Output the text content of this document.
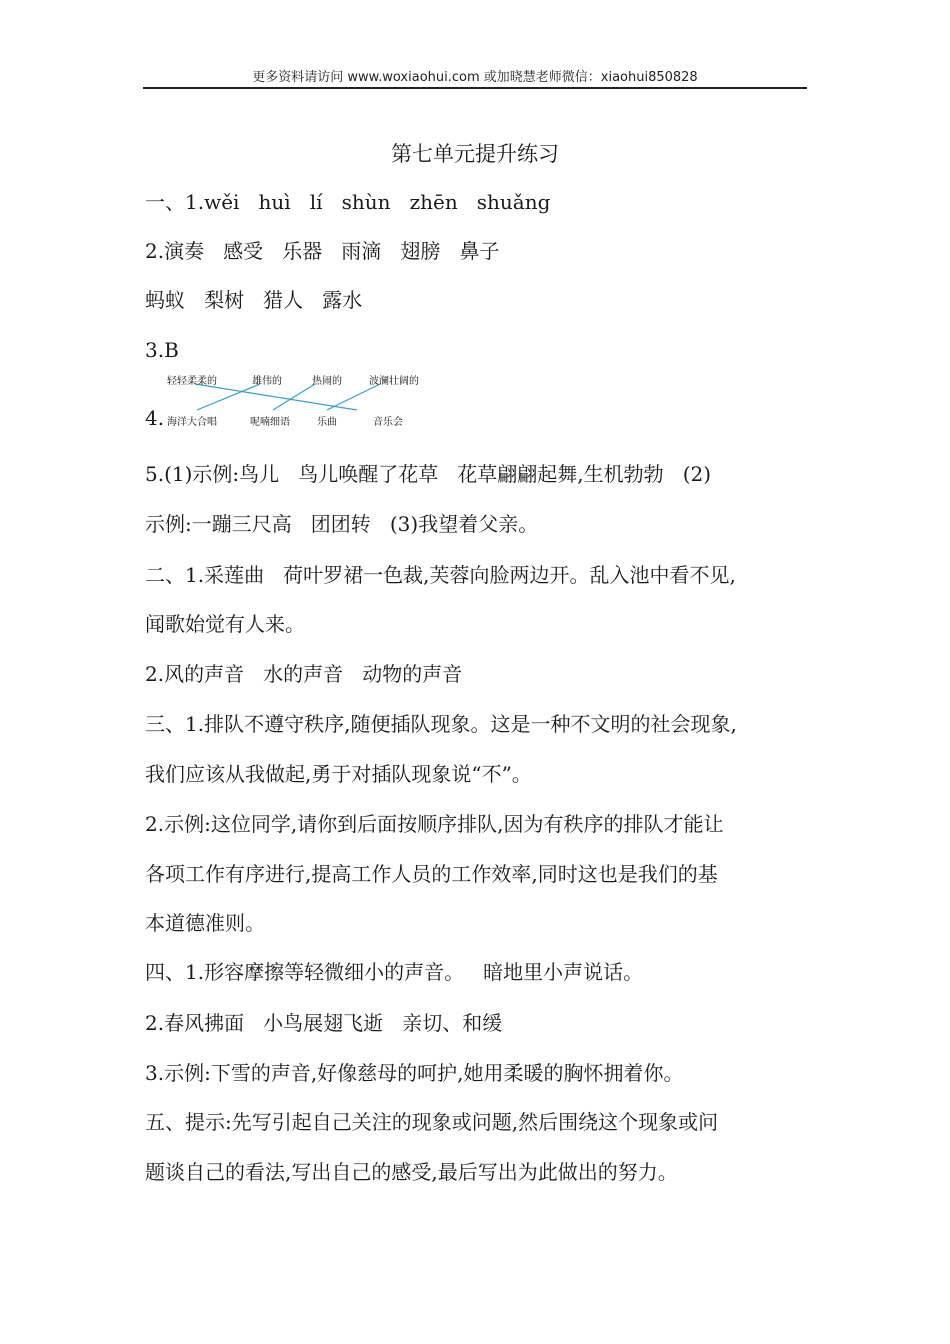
更多资料请访问 www.woxiaohui.com 或加晓慧老师微信：xiaohui850828
第七单元提升练习
一、1.wěi   huì   lí   shùn   zhēn   shuǎng
2.演奏   感受   乐器   雨滴   翅膀   鼻子
蚂蚁   梨树   猎人   露水
3.B
4.
轻轻柔柔的	雄伟的	热闹的	波澜壮阔的
海洋大合唱	呢喃细语	乐曲	音乐会
5.(1)示例:鸟儿   鸟儿唤醒了花草   花草翩翩起舞,生机勃勃   (2)
示例:一蹦三尺高   团团转   (3)我望着父亲。
二、1.采莲曲   荷叶罗裙一色裁,芙蓉向脸两边开。乱入池中看不见,
闻歌始觉有人来。
2.风的声音   水的声音   动物的声音
三、1.排队不遵守秩序,随便插队现象。这是一种不文明的社会现象,
我们应该从我做起,勇于对插队现象说“不”。
2.示例:这位同学,请你到后面按顺序排队,因为有秩序的排队才能让
各项工作有序进行,提高工作人员的工作效率,同时这也是我们的基
本道德准则。
四、1.形容摩擦等轻微细小的声音。   暗地里小声说话。
2.春风拂面   小鸟展翅飞逝   亲切、和缓
3.示例:下雪的声音,好像慈母的呵护,她用柔暖的胸怀拥着你。
五、提示:先写引起自己关注的现象或问题,然后围绕这个现象或问
题谈自己的看法,写出自己的感受,最后写出为此做出的努力。
